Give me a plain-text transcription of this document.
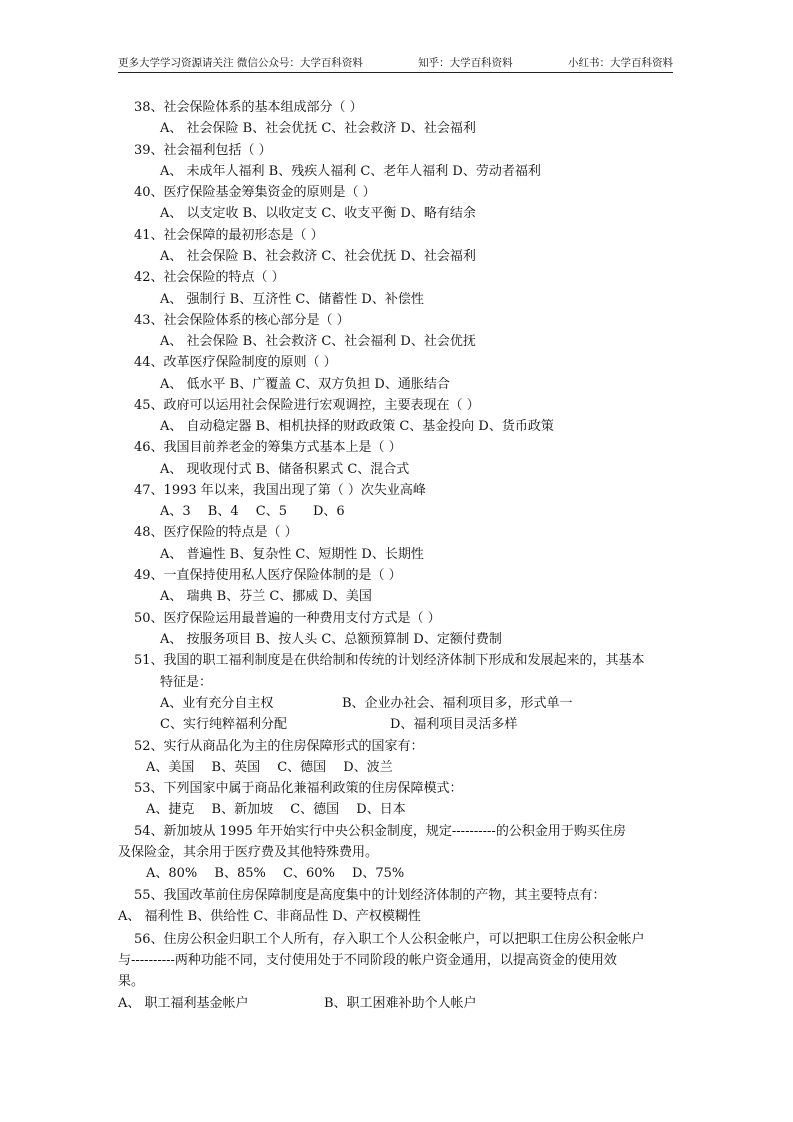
更多大学学习资源请关注 微信公众号：大学百科资料	知乎：大学百科资料	小红书：大学百科资料
38、社会保险体系的基本组成部分（ ）
A、 社会保险 B、社会优抚 C、社会救济 D、社会福利
39、社会福利包括（ ）
A、 未成年人福利 B、残疾人福利 C、老年人福利 D、劳动者福利
40、医疗保险基金筹集资金的原则是（ ）
A、 以支定收 B、以收定支 C、收支平衡 D、略有结余
41、社会保障的最初形态是（ ）
A、 社会保险 B、社会救济 C、社会优抚 D、社会福利
42、社会保险的特点（ ）
A、 强制行 B、互济性 C、储蓄性 D、补偿性
43、社会保险体系的核心部分是（ ）
A、 社会保险 B、社会救济 C、社会福利 D、社会优抚
44、改革医疗保险制度的原则（ ）
A、 低水平 B、广覆盖 C、双方负担 D、通胀结合
45、政府可以运用社会保险进行宏观调控，主要表现在（ ）
A、 自动稳定器 B、相机抉择的财政政策 C、基金投向 D、货币政策
46、我国目前养老金的筹集方式基本上是（ ）
A、 现收现付式 B、储备积累式 C、混合式
47、1993 年以来，我国出现了第（ ）次失业高峰
A、3　 B、4　 C、5　　D、6
48、医疗保险的特点是（ ）
A、 普遍性 B、复杂性 C、短期性 D、长期性
49、一直保持使用私人医疗保险体制的是（ ）
A、 瑞典 B、芬兰 C、挪威 D、美国
50、医疗保险运用最普遍的一种费用支付方式是（ ）
A、 按服务项目 B、按人头 C、总额预算制 D、定额付费制
51、我国的职工福利制度是在供给制和传统的计划经济体制下形成和发展起来的，其基本
特征是：
A、业有充分自主权	B、企业办社会、福利项目多，形式单一
C、实行纯粹福利分配	D、福利项目灵活多样
52、实行从商品化为主的住房保障形式的国家有：
A、美国　 B、英国　 C、德国　 D、波兰
53、下列国家中属于商品化兼福利政策的住房保障模式：
A、捷克　 B、新加坡　 C、德国　 D、日本
54、新加坡从 1995 年开始实行中央公积金制度，规定----------的公积金用于购买住房
及保险金，其余用于医疗费及其他特殊费用。
A、80%　 B、85%　 C、60%　 D、75%
55、我国改革前住房保障制度是高度集中的计划经济体制的产物，其主要特点有：
A、 福利性 B、供给性 C、非商品性 D、产权模糊性
56、住房公积金归职工个人所有，存入职工个人公积金帐户，可以把职工住房公积金帐户
与----------两种功能不同，支付使用处于不同阶段的帐户资金通用，以提高资金的使用效
果。
A、 职工福利基金帐户	B、职工困难补助个人帐户
